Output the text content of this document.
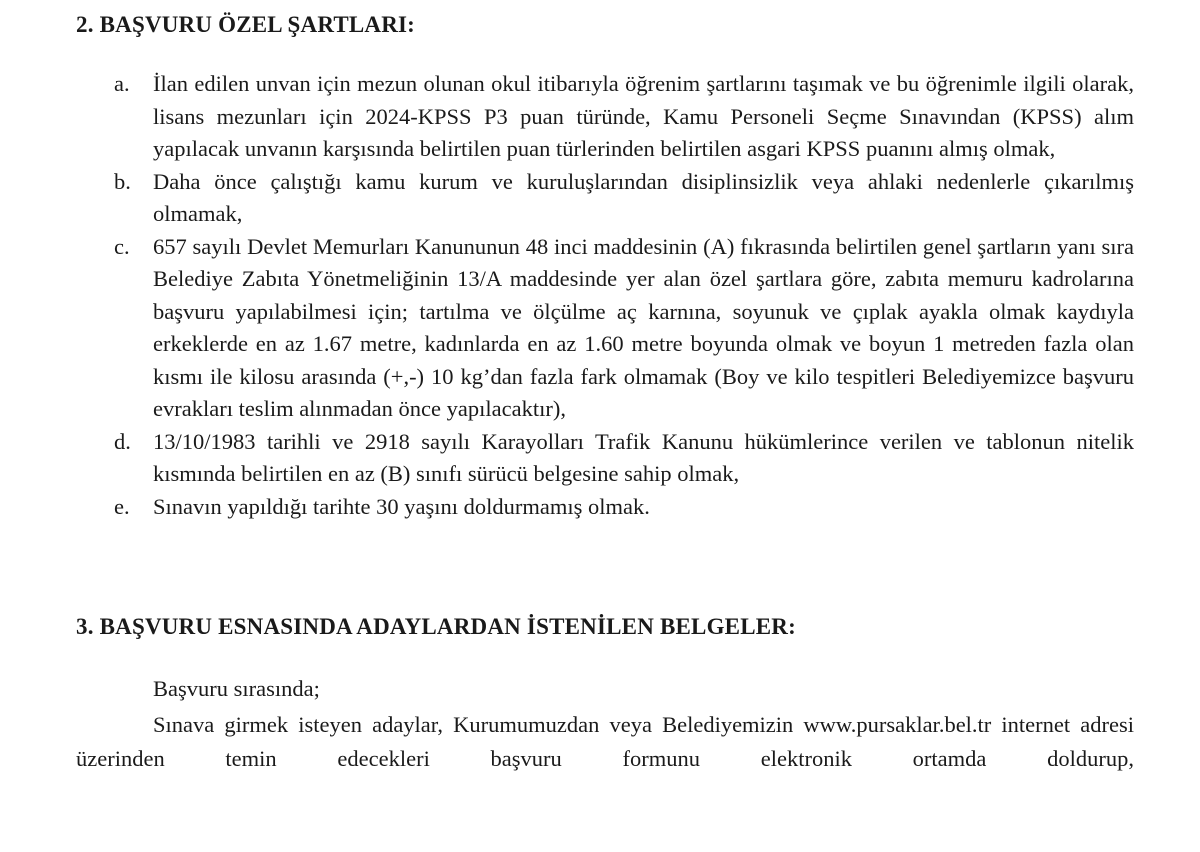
2. BAŞVURU ÖZEL ŞARTLARI:
a. İlan edilen unvan için mezun olunan okul itibarıyla öğrenim şartlarını taşımak ve bu öğrenimle ilgili olarak, lisans mezunları için 2024-KPSS P3 puan türünde, Kamu Personeli Seçme Sınavından (KPSS) alım yapılacak unvanın karşısında belirtilen puan türlerinden belirtilen asgari KPSS puanını almış olmak,
b. Daha önce çalıştığı kamu kurum ve kuruluşlarından disiplinsizlik veya ahlaki nedenlerle çıkarılmış olmamak,
c. 657 sayılı Devlet Memurları Kanununun 48 inci maddesinin (A) fıkrasında belirtilen genel şartların yanı sıra Belediye Zabıta Yönetmeliğinin 13/A maddesinde yer alan özel şartlara göre, zabıta memuru kadrolarına başvuru yapılabilmesi için; tartılma ve ölçülme aç karnına, soyunuk ve çıplak ayakla olmak kaydıyla erkeklerde en az 1.67 metre, kadınlarda en az 1.60 metre boyunda olmak ve boyun 1 metreden fazla olan kısmı ile kilosu arasında (+,-) 10 kg’dan fazla fark olmamak (Boy ve kilo tespitleri Belediyemizce başvuru evrakları teslim alınmadan önce yapılacaktır),
d. 13/10/1983 tarihli ve 2918 sayılı Karayolları Trafik Kanunu hükümlerince verilen ve tablonun nitelik kısmında belirtilen en az (B) sınıfı sürücü belgesine sahip olmak,
e. Sınavın yapıldığı tarihte 30 yaşını doldurmamış olmak.
3. BAŞVURU ESNASINDA ADAYLARDAN İSTENİLEN BELGELER:

Başvuru sırasında;

Sınava girmek isteyen adaylar, Kurumumuzdan veya Belediyemizin www.pursaklar.bel.tr internet adresi üzerinden temin edecekleri başvuru formunu elektronik ortamda doldurup,
